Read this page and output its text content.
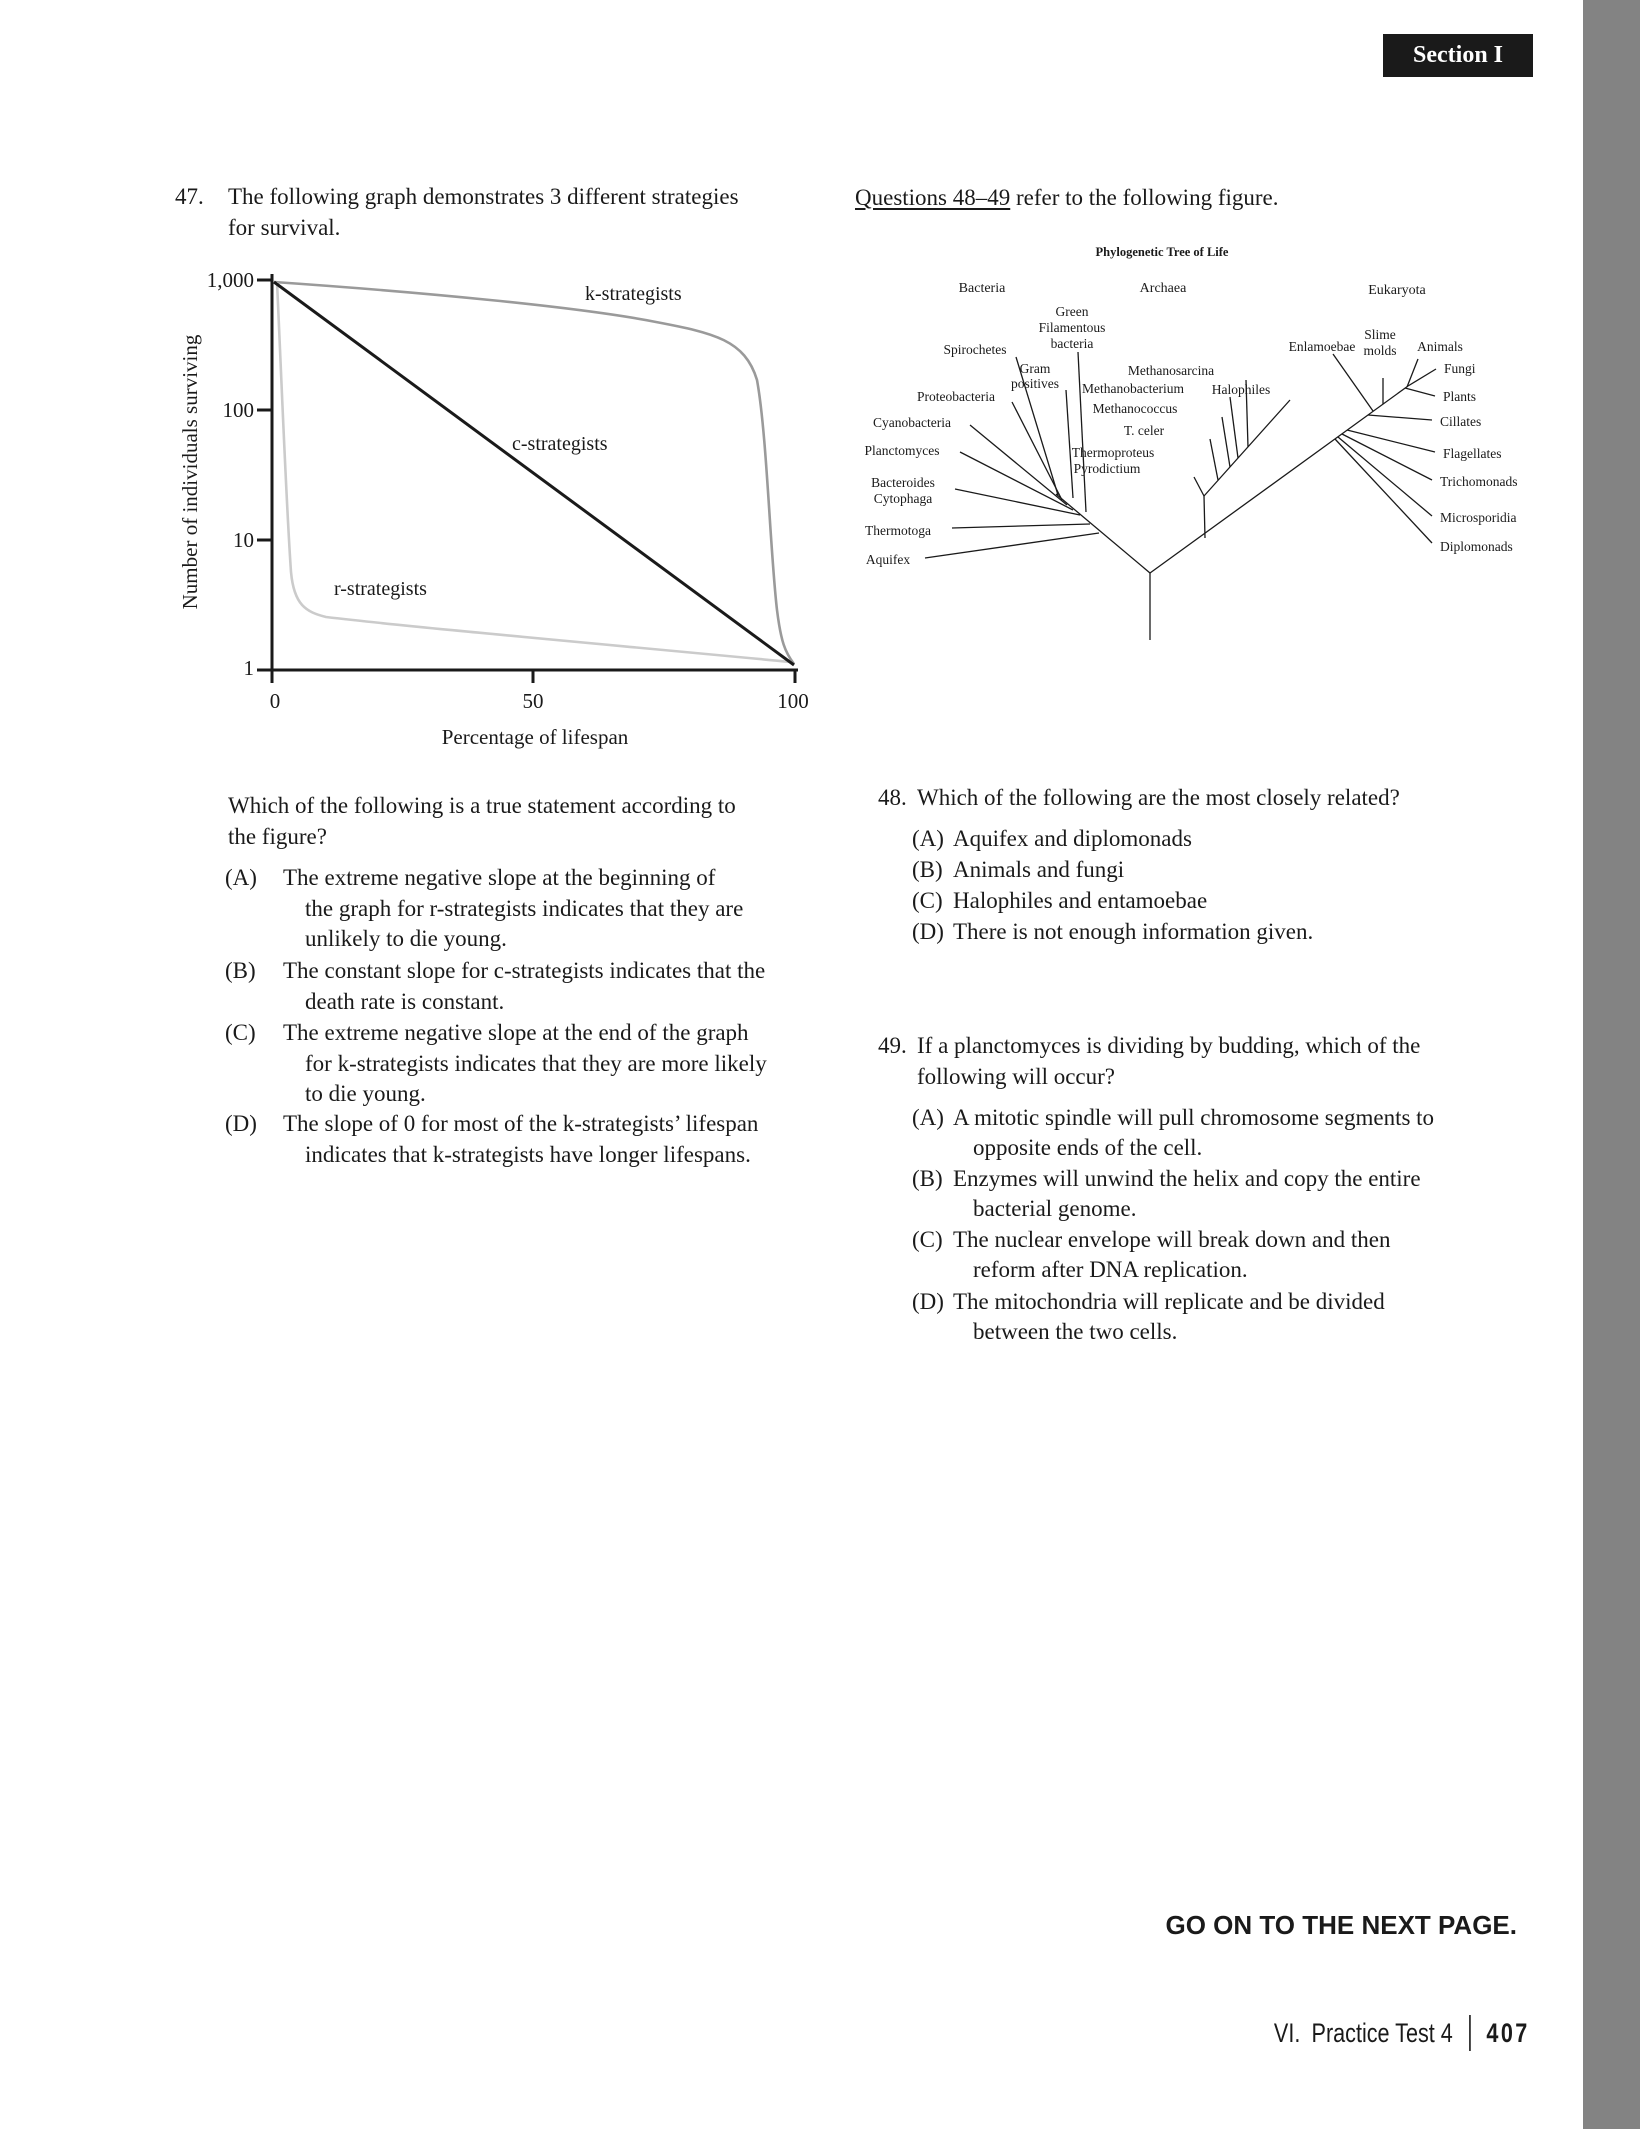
Section I
47. The following graph demonstrates 3 different strategies
for survival.
1,000
100
10
1
0	50	100
Number of individuals surviving
Percentage of lifespan
k-strategists
c-strategists
r-strategists
Which of the following is a true statement according to
the figure?
(A) The extreme negative slope at the beginning of
the graph for r-strategists indicates that they are
unlikely to die young.
(B) The constant slope for c-strategists indicates that the
death rate is constant.
(C) The extreme negative slope at the end of the graph
for k-strategists indicates that they are more likely
to die young.
(D) The slope of 0 for most of the k-strategists’ lifespan
indicates that k-strategists have longer lifespans.
Questions 48–49 refer to the following figure.
Phylogenetic Tree of Life
Bacteria	Archaea	Eukaryota
Green
Filamentous
bacteria
Spirochetes
Gram
positives
Proteobacteria
Cyanobacteria
Planctomyces
Bacteroides
Cytophaga
Thermotoga
Aquifex
Methanosarcina
Methanobacterium
Methanococcus
T. celer
Thermoproteus
Pyrodictium
Halophiles
Enlamoebae
Slime
molds Animals
Fungi
Plants
Cillates
Flagellates
Trichomonads
Microsporidia
Diplomonads
48. Which of the following are the most closely related?
(A) Aquifex and diplomonads
(B) Animals and fungi
(C) Halophiles and entamoebae
(D) There is not enough information given.
49. If a planctomyces is dividing by budding, which of the
following will occur?
(A) A mitotic spindle will pull chromosome segments to
opposite ends of the cell.
(B) Enzymes will unwind the helix and copy the entire
bacterial genome.
(C) The nuclear envelope will break down and then
reform after DNA replication.
(D) The mitochondria will replicate and be divided
between the two cells.
GO ON TO THE NEXT PAGE.
VI. Practice Test 4 407
